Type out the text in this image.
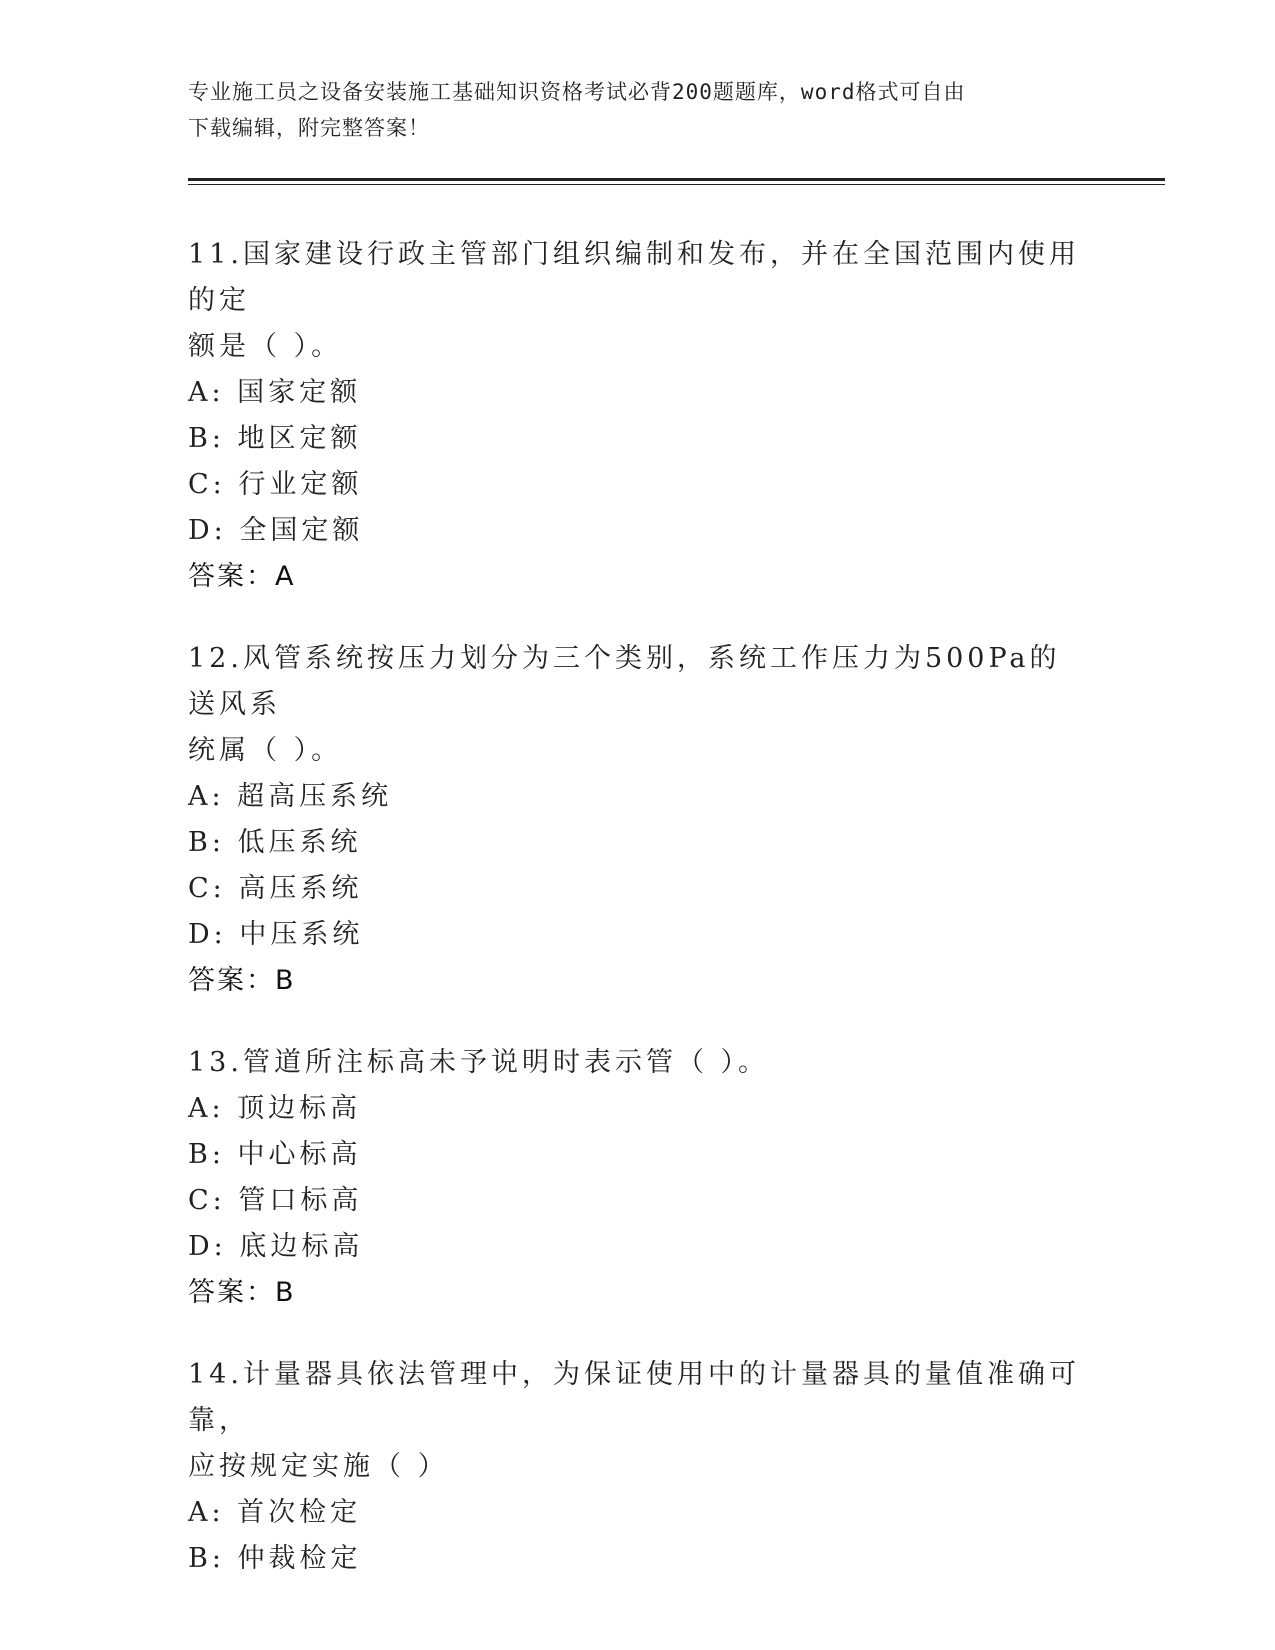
专业施工员之设备安装施工基础知识资格考试必背200题题库，word格式可自由
下载编辑，附完整答案！
11.国家建设行政主管部门组织编制和发布，并在全国范围内使用的定
额是（ ）。
A: 国家定额
B: 地区定额
C: 行业定额
D: 全国定额
答案：A
12.风管系统按压力划分为三个类别，系统工作压力为500Pa的送风系
统属（ ）。
A: 超高压系统
B: 低压系统
C: 高压系统
D: 中压系统
答案：B
13.管道所注标高未予说明时表示管（ ）。
A: 顶边标高
B: 中心标高
C: 管口标高
D: 底边标高
答案：B
14.计量器具依法管理中，为保证使用中的计量器具的量值准确可靠，
应按规定实施（ ）
A: 首次检定
B: 仲裁检定
